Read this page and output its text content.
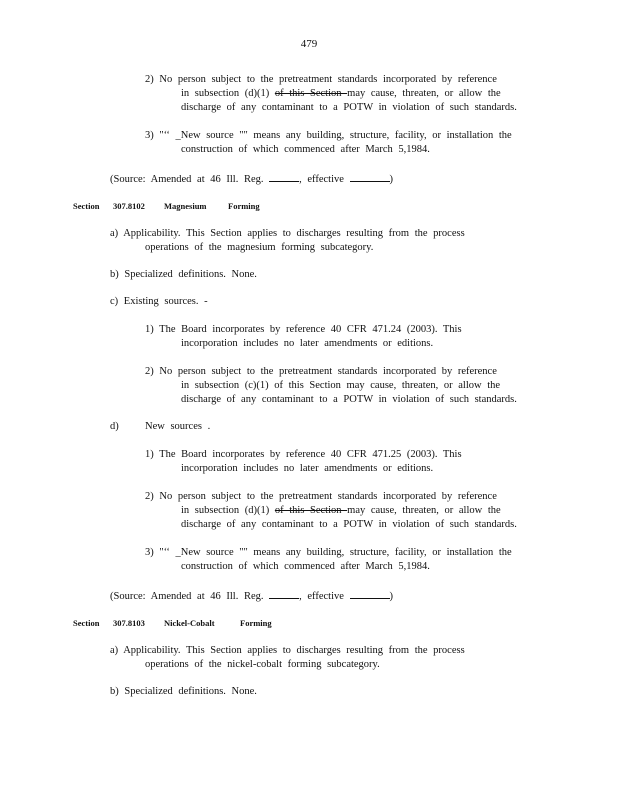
479
2) No person subject to the pretreatment standards incorporated by reference
in subsection (d)(1) of this Section may cause, threaten, or allow the
discharge of any contaminant to a POTW in violation of such standards.
3) "‘‘ _New source "" means any building, structure, facility, or installation the
construction of which commenced after March 5,1984.
(Source: Amended at 46 Ill. Reg.	, effective	)
Section 307.8102 Magnesium	Forming
a) Applicability. This Section applies to discharges resulting from the process
operations of the magnesium forming subcategory.
b) Specialized definitions. None.
c) Existing sources. -
1) The Board incorporates by reference 40 CFR 471.24 (2003). This
incorporation includes no later amendments or editions.
2) No person subject to the pretreatment standards incorporated by reference
in subsection (c)(1) of this Section may cause, threaten, or allow the
discharge of any contaminant to a POTW in violation of such standards.
d)	New sources .
1) The Board incorporates by reference 40 CFR 471.25 (2003). This
incorporation includes no later amendments or editions.
2) No person subject to the pretreatment standards incorporated by reference
in subsection (d)(1) of this Section may cause, threaten, or allow the
discharge of any contaminant to a POTW in violation of such standards.
3) "‘‘ _New source "" means any building, structure, facility, or installation the
construction of which commenced after March 5,1984.
(Source: Amended at 46 Ill. Reg.	, effective	)
Section 307.8103 Nickel-Cobalt	Forming
a) Applicability. This Section applies to discharges resulting from the process
operations of the nickel-cobalt forming subcategory.
b) Specialized definitions. None.
